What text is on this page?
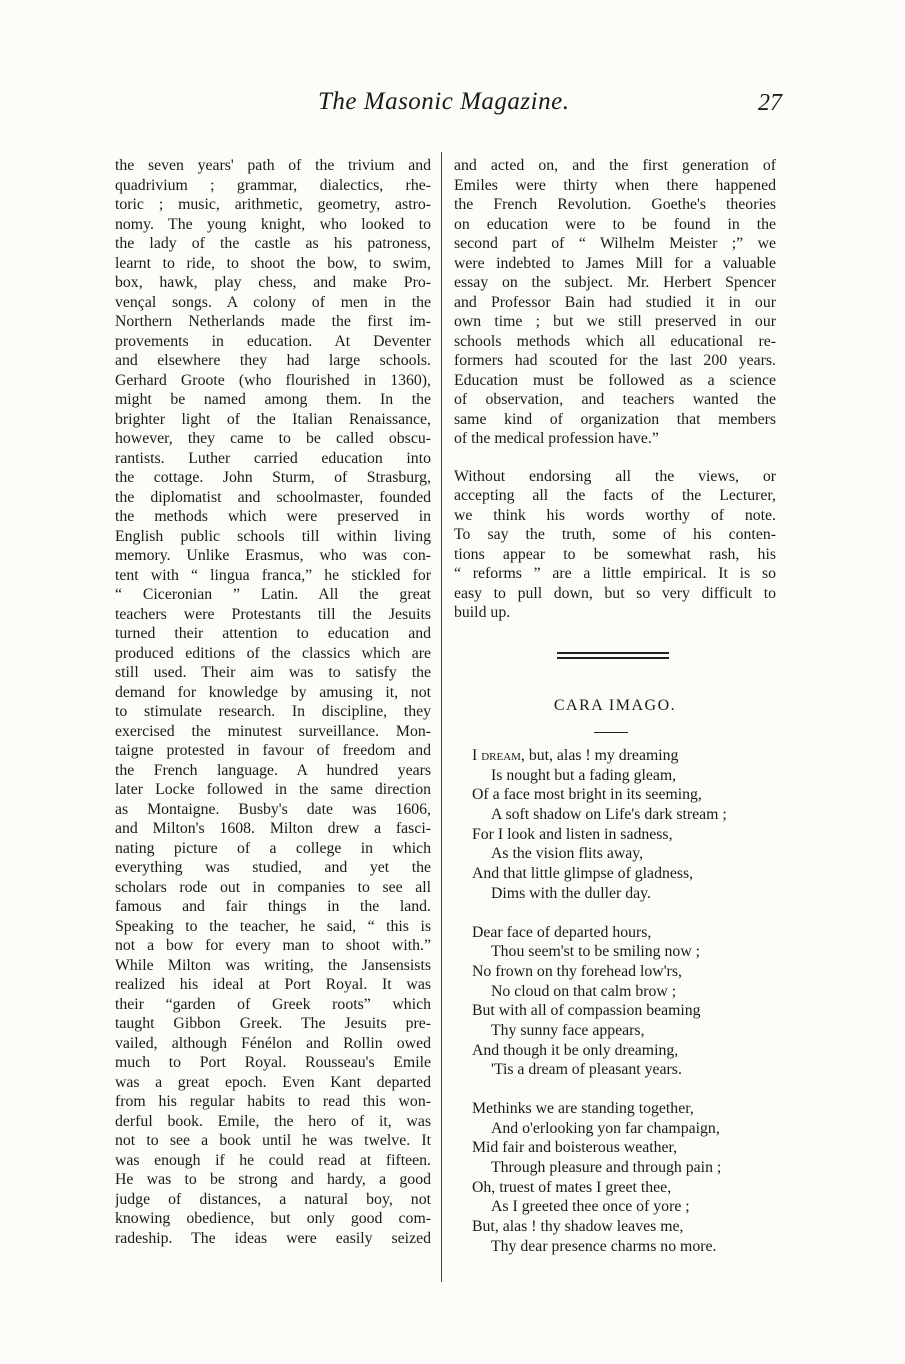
The Masonic Magazine.	27
the seven years' path of the trivium and
quadrivium ; grammar, dialectics, rhe-
toric ; music, arithmetic, geometry, astro-
nomy. The young knight, who looked to
the lady of the castle as his patroness,
learnt to ride, to shoot the bow, to swim,
box, hawk, play chess, and make Pro-
vençal songs. A colony of men in the
Northern Netherlands made the first im-
provements in education. At Deventer
and elsewhere they had large schools.
Gerhard Groote (who flourished in 1360),
might be named among them. In the
brighter light of the Italian Renaissance,
however, they came to be called obscu-
rantists. Luther carried education into
the cottage. John Sturm, of Strasburg,
the diplomatist and schoolmaster, founded
the methods which were preserved in
English public schools till within living
memory. Unlike Erasmus, who was con-
tent with “ lingua franca,” he stickled for
“ Ciceronian ” Latin. All the great
teachers were Protestants till the Jesuits
turned their attention to education and
produced editions of the classics which are
still used. Their aim was to satisfy the
demand for knowledge by amusing it, not
to stimulate research. In discipline, they
exercised the minutest surveillance. Mon-
taigne protested in favour of freedom and
the French language. A hundred years
later Locke followed in the same direction
as Montaigne. Busby's date was 1606,
and Milton's 1608. Milton drew a fasci-
nating picture of a college in which
everything was studied, and yet the
scholars rode out in companies to see all
famous and fair things in the land.
Speaking to the teacher, he said, “ this is
not a bow for every man to shoot with.”
While Milton was writing, the Jansensists
realized his ideal at Port Royal. It was
their “garden of Greek roots” which
taught Gibbon Greek. The Jesuits pre-
vailed, although Fénélon and Rollin owed
much to Port Royal. Rousseau's Emile
was a great epoch. Even Kant departed
from his regular habits to read this won-
derful book. Emile, the hero of it, was
not to see a book until he was twelve. It
was enough if he could read at fifteen.
He was to be strong and hardy, a good
judge of distances, a natural boy, not
knowing obedience, but only good com-
radeship. The ideas were easily seized
and acted on, and the first generation of
Emiles were thirty when there happened
the French Revolution. Goethe's theories
on education were to be found in the
second part of “ Wilhelm Meister ;” we
were indebted to James Mill for a valuable
essay on the subject. Mr. Herbert Spencer
and Professor Bain had studied it in our
own time ; but we still preserved in our
schools methods which all educational re-
formers had scouted for the last 200 years.
Education must be followed as a science
of observation, and teachers wanted the
same kind of organization that members
of the medical profession have.”
Without endorsing all the views, or
accepting all the facts of the Lecturer,
we think his words worthy of note.
To say the truth, some of his conten-
tions appear to be somewhat rash, his
“ reforms ” are a little empirical. It is so
easy to pull down, but so very difficult to
build up.
CARA IMAGO.
I dream, but, alas ! my dreaming
Is nought but a fading gleam,
Of a face most bright in its seeming,
A soft shadow on Life's dark stream ;
For I look and listen in sadness,
As the vision flits away,
And that little glimpse of gladness,
Dims with the duller day.
Dear face of departed hours,
Thou seem'st to be smiling now ;
No frown on thy forehead low'rs,
No cloud on that calm brow ;
But with all of compassion beaming
Thy sunny face appears,
And though it be only dreaming,
'Tis a dream of pleasant years.
Methinks we are standing together,
And o'erlooking yon far champaign,
Mid fair and boisterous weather,
Through pleasure and through pain ;
Oh, truest of mates I greet thee,
As I greeted thee once of yore ;
But, alas ! thy shadow leaves me,
Thy dear presence charms no more.
